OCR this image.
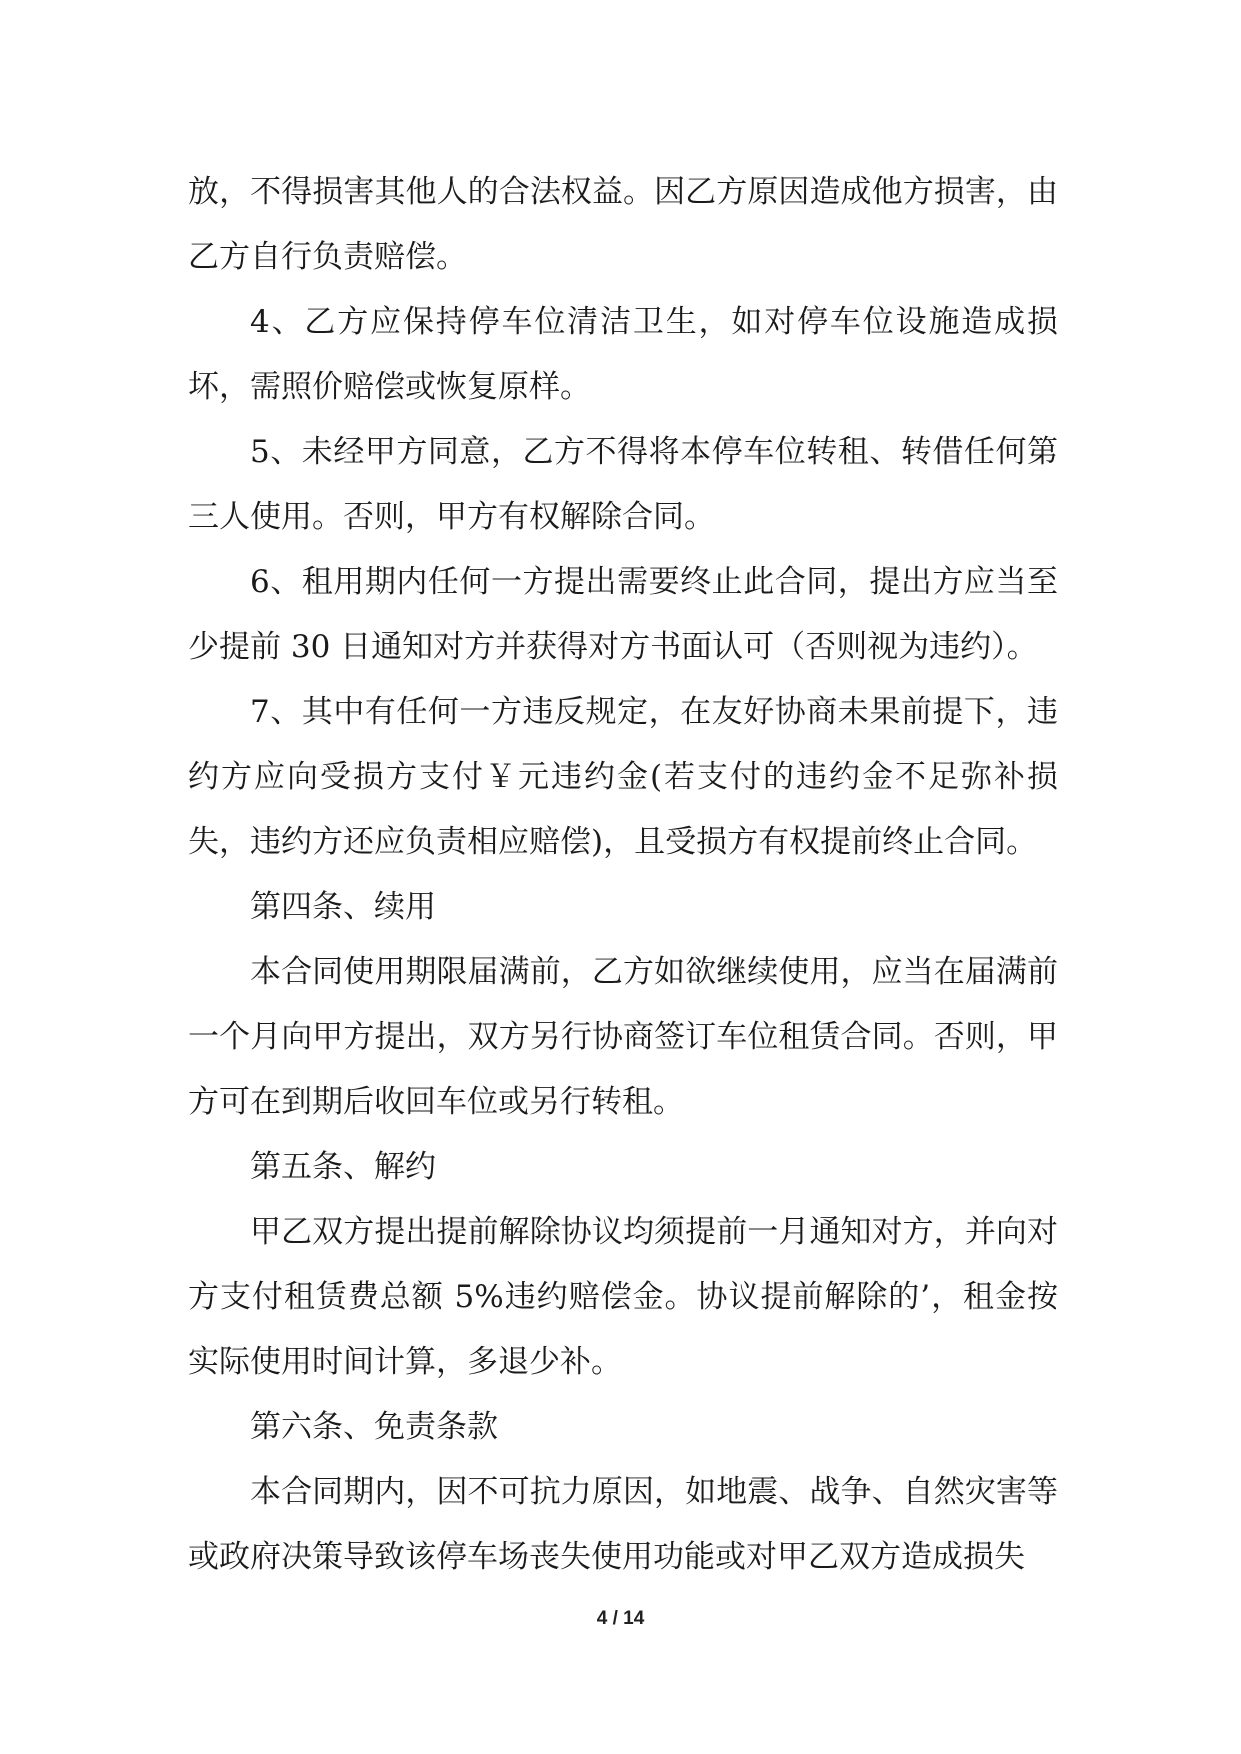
放，不得损害其他人的合法权益。因乙方原因造成他方损害，由乙方自行负责赔偿。

4、乙方应保持停车位清洁卫生，如对停车位设施造成损坏，需照价赔偿或恢复原样。

5、未经甲方同意，乙方不得将本停车位转租、转借任何第三人使用。否则，甲方有权解除合同。

6、租用期内任何一方提出需要终止此合同，提出方应当至少提前 30 日通知对方并获得对方书面认可（否则视为违约）。

7、其中有任何一方违反规定，在友好协商未果前提下，违约方应向受损方支付￥元违约金(若支付的违约金不足弥补损失，违约方还应负责相应赔偿)，且受损方有权提前终止合同。

第四条、续用

本合同使用期限届满前，乙方如欲继续使用，应当在届满前一个月向甲方提出，双方另行协商签订车位租赁合同。否则，甲方可在到期后收回车位或另行转租。

第五条、解约

甲乙双方提出提前解除协议均须提前一月通知对方，并向对方支付租赁费总额 5%违约赔偿金。协议提前解除的’，租金按实际使用时间计算，多退少补。

第六条、免责条款

本合同期内，因不可抗力原因，如地震、战争、自然灾害等或政府决策导致该停车场丧失使用功能或对甲乙双方造成损失

4 / 14
